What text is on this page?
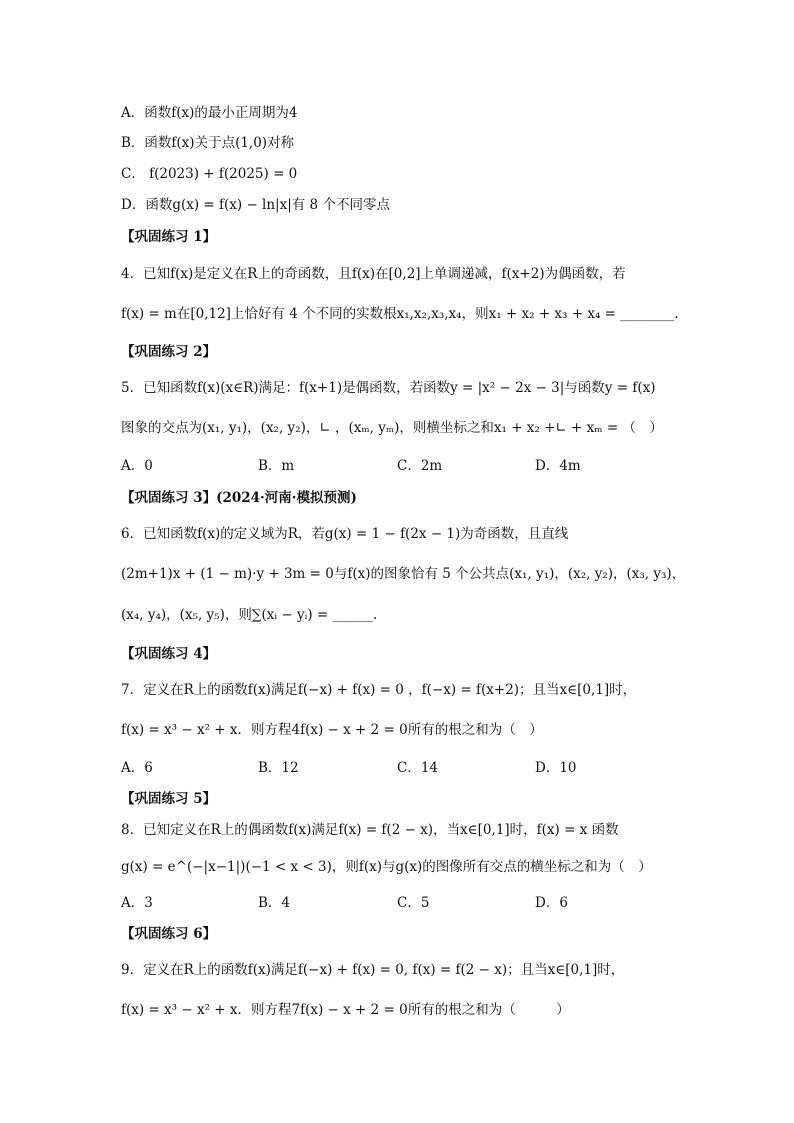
A．函数f(x)的最小正周期为4
B．函数f(x)关于点(1,0)对称
C． f(2023) + f(2025) = 0
D．函数g(x) = f(x) − ln|x|有 8 个不同零点
【巩固练习 1】
4．已知f(x)是定义在R上的奇函数，且f(x)在[0,2]上单调递减，f(x+2)为偶函数，若
f(x) = m在[0,12]上恰好有 4 个不同的实数根x₁,x₂,x₃,x₄，则x₁ + x₂ + x₃ + x₄ = ________.
【巩固练习 2】
5．已知函数f(x)(x∈R)满足：f(x+1)是偶函数，若函数y = |x² − 2x − 3|与函数y = f(x)
图象的交点为(x₁, y₁)，(x₂, y₂)，∟ ，(xₘ, yₘ)，则横坐标之和x₁ + x₂ +∟ + xₘ = （　）
A．0	B．m	C．2m	D．4m
【巩固练习 3】(2024·河南·模拟预测)
6．已知函数f(x)的定义域为R，若g(x) = 1 − f(2x − 1)为奇函数，且直线
(2m+1)x + (1 − m)·y + 3m = 0与f(x)的图象恰有 5 个公共点(x₁, y₁)，(x₂, y₂)，(x₃, y₃)，
(x₄, y₄)，(x₅, y₅)，则∑(xᵢ − yᵢ) = ______.
【巩固练习 4】
7．定义在R上的函数f(x)满足f(−x) + f(x) = 0 ，f(−x) = f(x+2)；且当x∈[0,1]时，
f(x) = x³ − x² + x．则方程4f(x) − x + 2 = 0所有的根之和为（　）
A．6	B．12	C．14	D．10
【巩固练习 5】
8．已知定义在R上的偶函数f(x)满足f(x) = f(2 − x)，当x∈[0,1]时，f(x) = x 函数
g(x) = e^(−|x−1|)(−1 < x < 3)，则f(x)与g(x)的图像所有交点的横坐标之和为（　）
A．3	B．4	C．5	D．6
【巩固练习 6】
9．定义在R上的函数f(x)满足f(−x) + f(x) = 0, f(x) = f(2 − x)；且当x∈[0,1]时，
f(x) = x³ − x² + x．则方程7f(x) − x + 2 = 0所有的根之和为（　　　）
